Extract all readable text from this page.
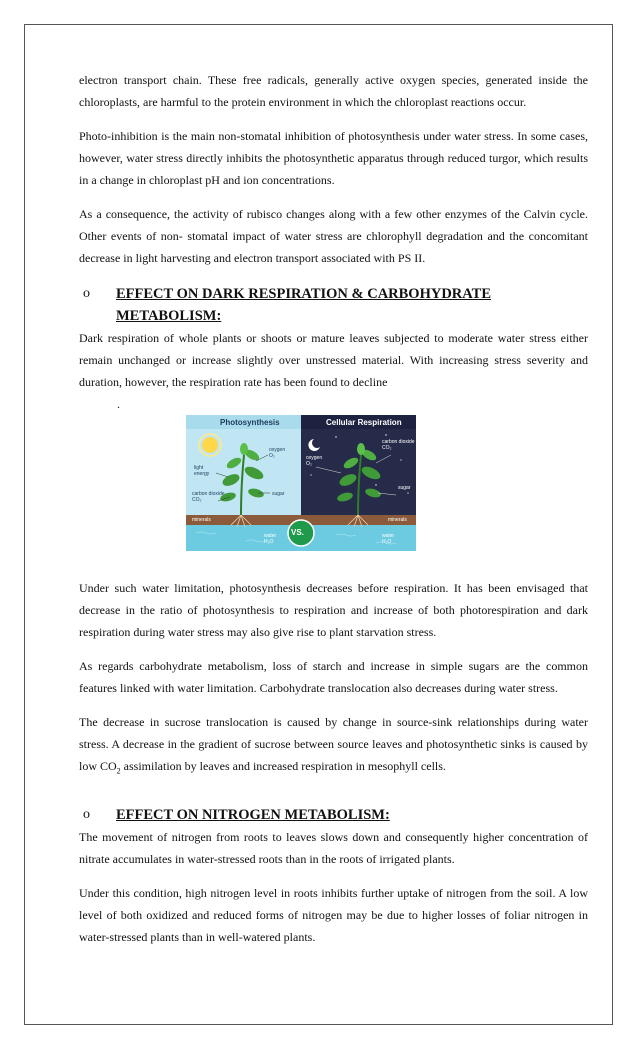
electron transport chain. These free radicals, generally active oxygen species, generated inside the chloroplasts, are harmful to the protein environment in which the chloroplast reactions occur.

Photo-inhibition is the main non-stomatal inhibition of photosynthesis under water stress. In some cases, however, water stress directly inhibits the photosynthetic apparatus through reduced turgor, which results in a change in chloroplast pH and ion concentrations.

As a consequence, the activity of rubisco changes along with a few other enzymes of the Calvin cycle. Other events of non- stomatal impact of water stress are chlorophyll degradation and the concomitant decrease in light harvesting and electron transport associated with PS II.

o EFFECT ON DARK RESPIRATION & CARBOHYDRATE METABOLISM:

Dark respiration of whole plants or shoots or mature leaves subjected to moderate water stress either remain unchanged or increase slightly over unstressed material. With increasing stress severity and duration, however, the respiration rate has been found to decline

.
Photosynthesis	Cellular Respiration
oxygen
O₂
light
energy
carbon dioxide
CO₂
sugar
minerals
water
H₂O
carbon dioxide
CO₂
oxygen
O₂
sugar
minerals
water
H₂O
VS.

Under such water limitation, photosynthesis decreases before respiration. It has been envisaged that decrease in the ratio of photosynthesis to respiration and increase of both photorespiration and dark respiration during water stress may also give rise to plant starvation stress.

As regards carbohydrate metabolism, loss of starch and increase in simple sugars are the common features linked with water limitation. Carbohydrate translocation also decreases during water stress.

The decrease in sucrose translocation is caused by change in source-sink relationships during water stress. A decrease in the gradient of sucrose between source leaves and photosynthetic sinks is caused by low $CO_2$ assimilation by leaves and increased respiration in mesophyll cells.

o EFFECT ON NITROGEN METABOLISM:

The movement of nitrogen from roots to leaves slows down and consequently higher concentration of nitrate accumulates in water-stressed roots than in the roots of irrigated plants.

Under this condition, high nitrogen level in roots inhibits further uptake of nitrogen from the soil. A low level of both oxidized and reduced forms of nitrogen may be due to higher losses of foliar nitrogen in water-stressed plants than in well-watered plants.
